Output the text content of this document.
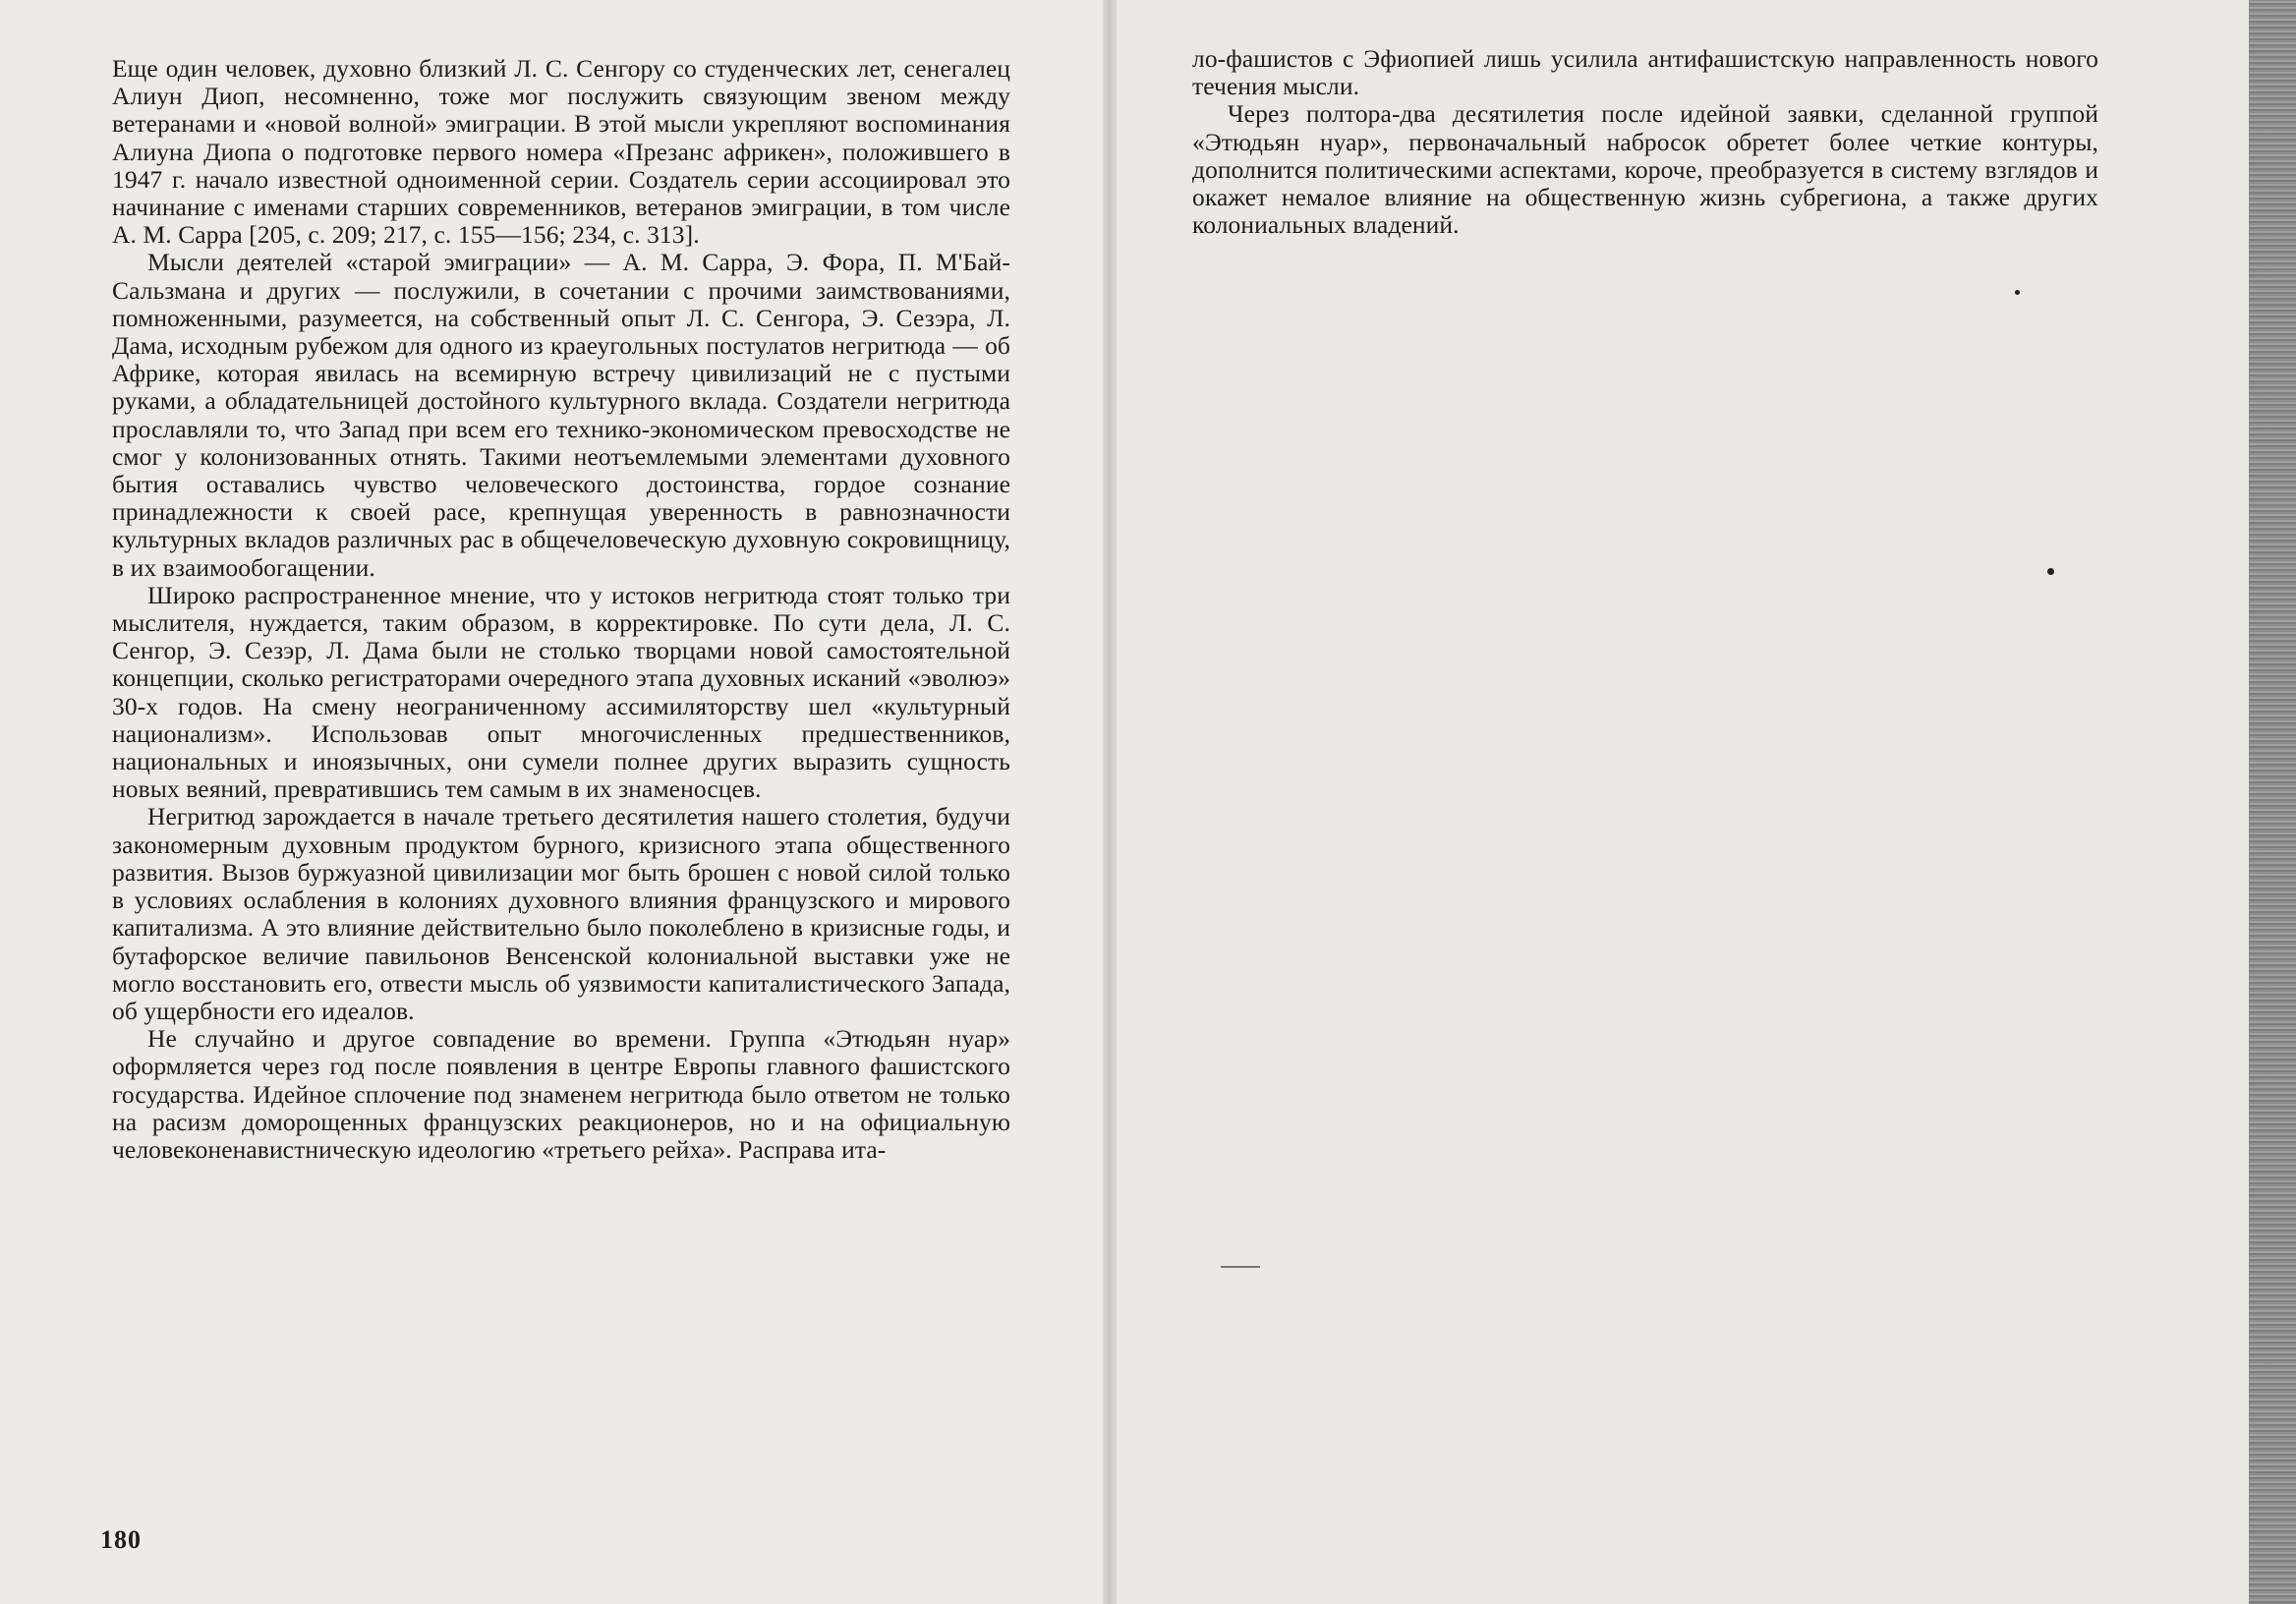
Еще один человек, духовно близкий Л. С. Сенгору со студенческих лет, сенегалец Алиун Диоп, несомненно, тоже мог послужить связующим звеном между ветеранами и «новой волной» эмиграции. В этой мысли укрепляют воспоминания Алиуна Диопа о подготовке первого номера «Презанс африкен», положившего в 1947 г. начало известной одноименной серии. Создатель серии ассоциировал это начинание с именами старших современников, ветеранов эмиграции, в том числе А. М. Сарра [205, с. 209; 217, с. 155—156; 234, с. 313].

Мысли деятелей «старой эмиграции» — А. М. Сарра, Э. Фора, П. М'Бай-Сальзмана и других — послужили, в сочетании с прочими заимствованиями, помноженными, разумеется, на собственный опыт Л. С. Сенгора, Э. Сезэра, Л. Дама, исходным рубежом для одного из краеугольных постулатов негритюда — об Африке, которая явилась на всемирную встречу цивилизаций не с пустыми руками, а обладательницей достойного культурного вклада. Создатели негритюда прославляли то, что Запад при всем его технико-экономическом превосходстве не смог у колонизованных отнять. Такими неотъемлемыми элементами духовного бытия оставались чувство человеческого достоинства, гордое сознание принадлежности к своей расе, крепнущая уверенность в равнозначности культурных вкладов различных рас в общечеловеческую духовную сокровищницу, в их взаимообогащении.

Широко распространенное мнение, что у истоков негритюда стоят только три мыслителя, нуждается, таким образом, в корректировке. По сути дела, Л. С. Сенгор, Э. Сезэр, Л. Дама были не столько творцами новой самостоятельной концепции, сколько регистраторами очередного этапа духовных исканий «эволюэ» 30-х годов. На смену неограниченному ассимиляторству шел «культурный национализм». Использовав опыт многочисленных предшественников, национальных и иноязычных, они сумели полнее других выразить сущность новых веяний, превратившись тем самым в их знаменосцев.

Негритюд зарождается в начале третьего десятилетия нашего столетия, будучи закономерным духовным продуктом бурного, кризисного этапа общественного развития. Вызов буржуазной цивилизации мог быть брошен с новой силой только в условиях ослабления в колониях духовного влияния французского и мирового капитализма. А это влияние действительно было поколеблено в кризисные годы, и бутафорское величие павильонов Венсенской колониальной выставки уже не могло восстановить его, отвести мысль об уязвимости капиталистического Запада, об ущербности его идеалов.

Не случайно и другое совпадение во времени. Группа «Этюдьян нуар» оформляется через год после появления в центре Европы главного фашистского государства. Идейное сплочение под знаменем негритюда было ответом не только на расизм доморощенных французских реакционеров, но и на официальную человеконенавистническую идеологию «третьего рейха». Расправа ита-

180

ло-фашистов с Эфиопией лишь усилила антифашистскую направленность нового течения мысли.

Через полтора-два десятилетия после идейной заявки, сделанной группой «Этюдьян нуар», первоначальный набросок обретет более четкие контуры, дополнится политическими аспектами, короче, преобразуется в систему взглядов и окажет немалое влияние на общественную жизнь субрегиона, а также других колониальных владений.
